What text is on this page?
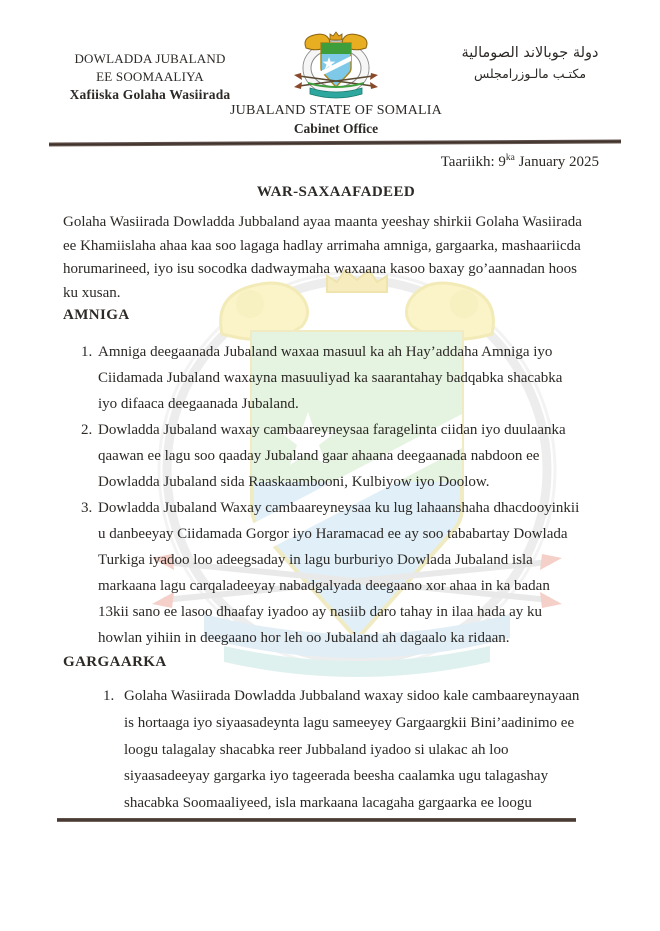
DOWLADDA JUBALAND
EE SOOMAALIYA
Xafiiska Golaha Wasiirada
دولة جوبالاند الصومالية
مكتـب مالـوزرامجلس
JUBALAND STATE OF SOMALIA
Cabinet Office
Taariikh: $9^{ka}$ January 2025
WAR-SAXAAFADEED
Golaha Wasiirada Dowladda Jubbaland ayaa maanta yeeshay shirkii Golaha Wasiirada
ee Khamiislaha ahaa kaa soo lagaga hadlay arrimaha amniga, gargaarka, mashaariicda
horumarineed, iyo isu socodka dadwaymaha waxaana kasoo baxay go’aannadan hoos
ku xusan.
AMNIGA
1. Amniga deegaanada Jubaland waxaa masuul ka ah Hay’addaha Amniga iyo
Ciidamada Jubaland waxayna masuuliyad ka saarantahay badqabka shacabka
iyo difaaca deegaanada Jubaland.
2. Dowladda Jubaland waxay cambaareyneysaa faragelinta ciidan iyo duulaanka
qaawan ee lagu soo qaaday Jubaland gaar ahaana deegaanada nabdoon ee
Dowladda Jubaland sida Raaskaambooni, Kulbiyow iyo Doolow.
3. Dowladda Jubaland Waxay cambaareyneysaa ku lug lahaanshaha dhacdooyinkii
u danbeeyay Ciidamada Gorgor iyo Haramacad ee ay soo tababartay Dowlada
Turkiga iyadoo loo adeegsaday in lagu burburiyo Dowlada Jubaland isla
markaana lagu carqaladeeyay nabadgalyada deegaano xor ahaa in ka badan
13kii sano ee lasoo dhaafay iyadoo ay nasiib daro tahay in ilaa hada ay ku
howlan yihiin in deegaano hor leh oo Jubaland ah dagaalo ka ridaan.
GARGAARKA
1. Golaha Wasiirada Dowladda Jubbaland waxay sidoo kale cambaareynayaan
is hortaaga iyo siyaasadeynta lagu sameeyey Gargaargkii Bini’aadinimo ee
loogu talagalay shacabka reer Jubbaland iyadoo si ulakac ah loo
siyaasadeeyay gargarka iyo tageerada beesha caalamka ugu talagashay
shacabka Soomaaliyeed, isla markaana lacagaha gargaarka ee loogu
